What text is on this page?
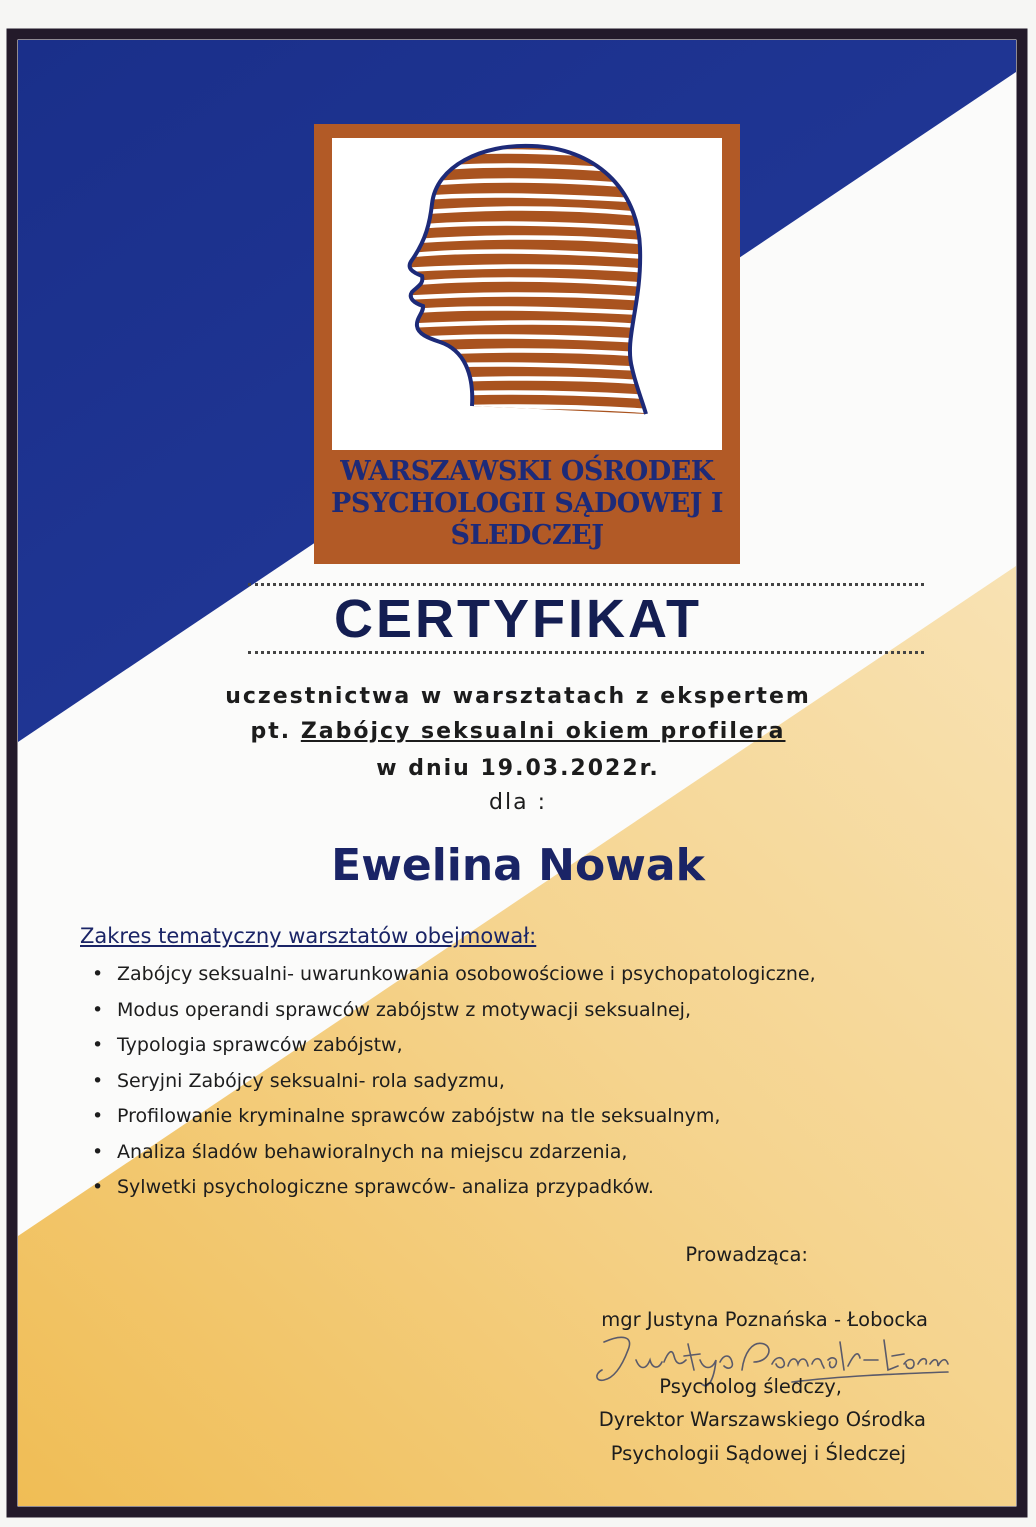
WARSZAWSKI OŚRODEK
PSYCHOLOGII SĄDOWEJ I
ŚLEDCZEJ
CERTYFIKAT
uczestnictwa w warsztatach z ekspertem
pt. Zabójcy seksualni okiem profilera
w dniu 19.03.2022r.
dla :
Ewelina Nowak
Zakres tematyczny warsztatów obejmował:
• Zabójcy seksualni- uwarunkowania osobowościowe i psychopatologiczne,
• Modus operandi sprawców zabójstw z motywacji seksualnej,
• Typologia sprawców zabójstw,
• Seryjni Zabójcy seksualni- rola sadyzmu,
• Profilowanie kryminalne sprawców zabójstw na tle seksualnym,
• Analiza śladów behawioralnych na miejscu zdarzenia,
• Sylwetki psychologiczne sprawców- analiza przypadków.
Prowadząca:
mgr Justyna Poznańska - Łobocka
Psycholog śledczy,
Dyrektor Warszawskiego Ośrodka
Psychologii Sądowej i Śledczej
